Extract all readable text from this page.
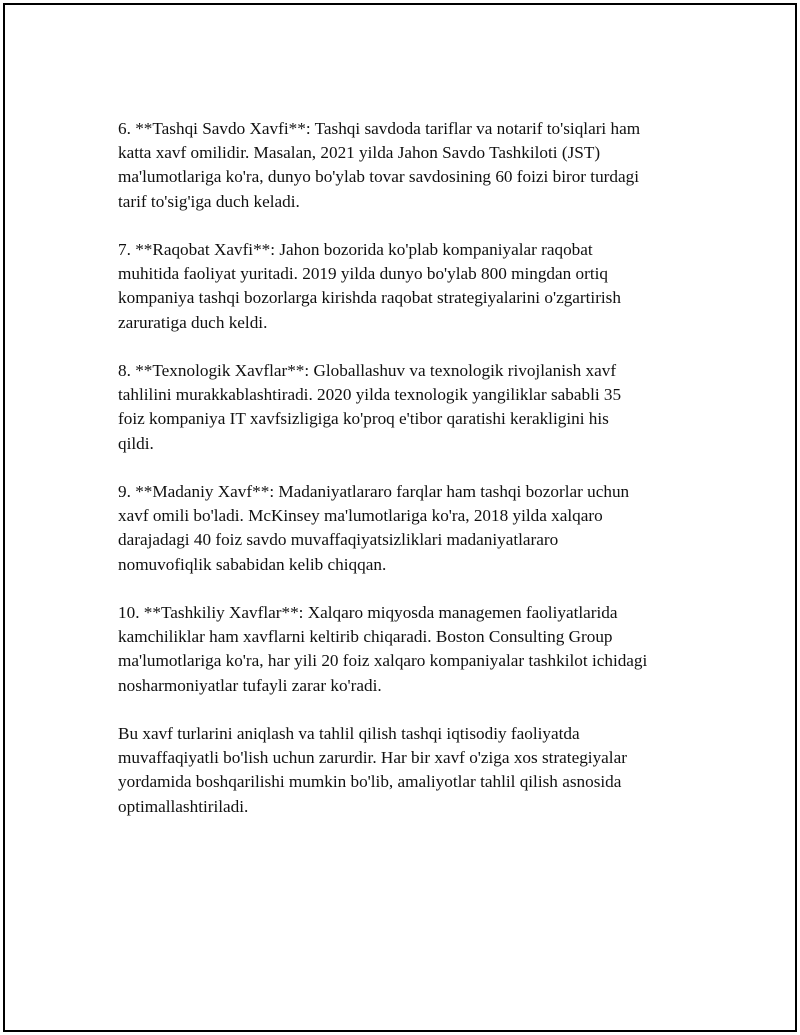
6. **Tashqi Savdo Xavfi**: Tashqi savdoda tariflar va notarif to'siqlari ham
katta xavf omilidir. Masalan, 2021 yilda Jahon Savdo Tashkiloti (JST)
ma'lumotlariga ko'ra, dunyo bo'ylab tovar savdosining 60 foizi biror turdagi
tarif to'sig'iga duch keladi.

7. **Raqobat Xavfi**: Jahon bozorida ko'plab kompaniyalar raqobat
muhitida faoliyat yuritadi. 2019 yilda dunyo bo'ylab 800 mingdan ortiq
kompaniya tashqi bozorlarga kirishda raqobat strategiyalarini o'zgartirish
zaruratiga duch keldi.

8. **Texnologik Xavflar**: Globallashuv va texnologik rivojlanish xavf
tahlilini murakkablashtiradi. 2020 yilda texnologik yangiliklar sababli 35
foiz kompaniya IT xavfsizligiga ko'proq e'tibor qaratishi kerakligini his
qildi.

9. **Madaniy Xavf**: Madaniyatlararo farqlar ham tashqi bozorlar uchun
xavf omili bo'ladi. McKinsey ma'lumotlariga ko'ra, 2018 yilda xalqaro
darajadagi 40 foiz savdo muvaffaqiyatsizliklari madaniyatlararo
nomuvofiqlik sababidan kelib chiqqan.

10. **Tashkiliy Xavflar**: Xalqaro miqyosda managemen faoliyatlarida
kamchiliklar ham xavflarni keltirib chiqaradi. Boston Consulting Group
ma'lumotlariga ko'ra, har yili 20 foiz xalqaro kompaniyalar tashkilot ichidagi
nosharmoniyatlar tufayli zarar ko'radi.

Bu xavf turlarini aniqlash va tahlil qilish tashqi iqtisodiy faoliyatda
muvaffaqiyatli bo'lish uchun zarurdir. Har bir xavf o'ziga xos strategiyalar
yordamida boshqarilishi mumkin bo'lib, amaliyotlar tahlil qilish asnosida
optimallashtiriladi.
